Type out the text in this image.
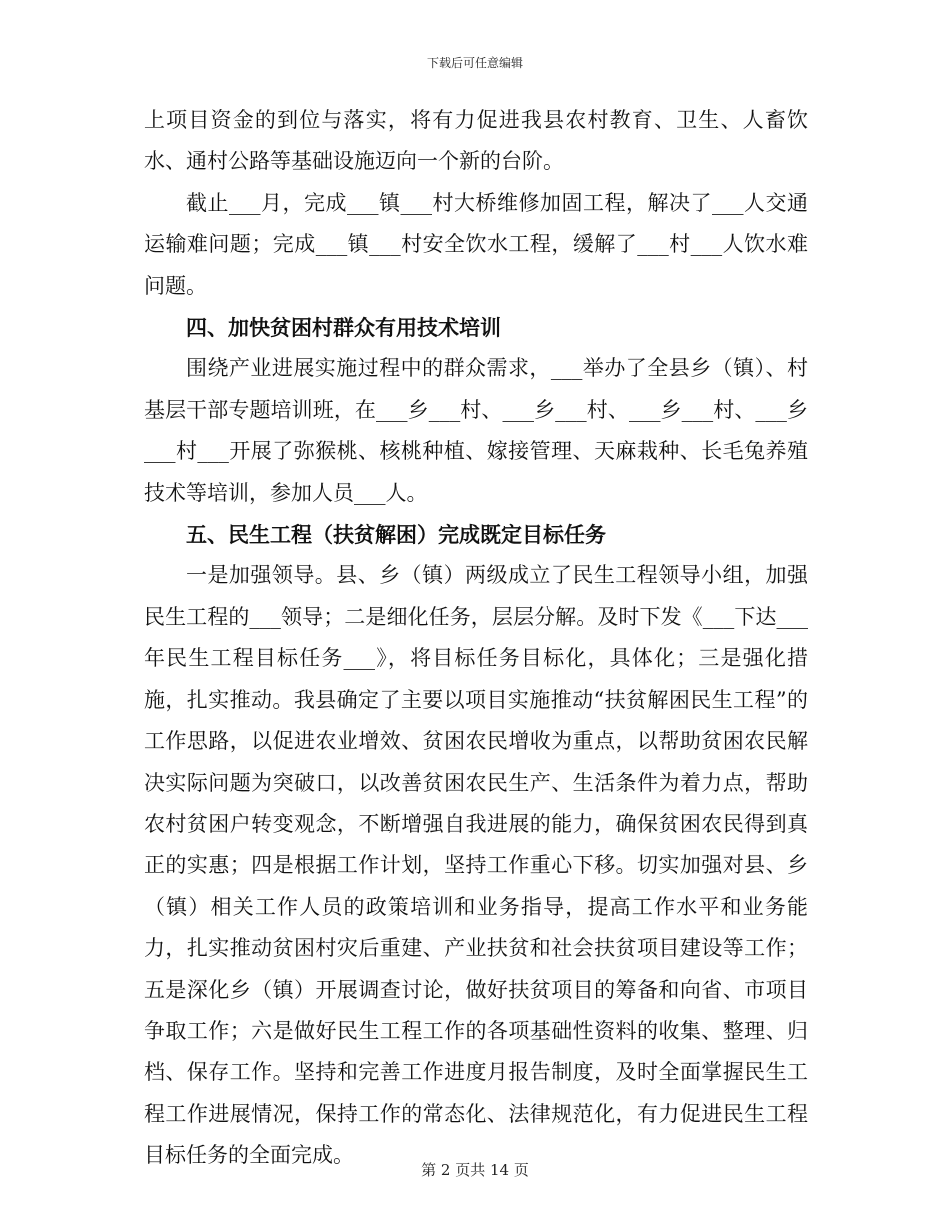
下载后可任意编辑

上项目资金的到位与落实，将有力促进我县农村教育、卫生、人畜饮水、通村公路等基础设施迈向一个新的台阶。

截止___月，完成___镇___村大桥维修加固工程，解决了___人交通运输难问题；完成___镇___村安全饮水工程，缓解了___村___人饮水难问题。

四、加快贫困村群众有用技术培训

围绕产业进展实施过程中的群众需求，___举办了全县乡（镇）、村基层干部专题培训班，在___乡___村、___乡___村、___乡___村、___乡___村___开展了弥猴桃、核桃种植、嫁接管理、天麻栽种、长毛兔养殖技术等培训，参加人员___人。

五、民生工程（扶贫解困）完成既定目标任务

一是加强领导。县、乡（镇）两级成立了民生工程领导小组，加强民生工程的___领导；二是细化任务，层层分解。及时下发《___下达___年民生工程目标任务___》，将目标任务目标化，具体化；三是强化措施，扎实推动。我县确定了主要以项目实施推动“扶贫解困民生工程”的工作思路，以促进农业增效、贫困农民增收为重点，以帮助贫困农民解决实际问题为突破口，以改善贫困农民生产、生活条件为着力点，帮助农村贫困户转变观念，不断增强自我进展的能力，确保贫困农民得到真正的实惠；四是根据工作计划，坚持工作重心下移。切实加强对县、乡（镇）相关工作人员的政策培训和业务指导，提高工作水平和业务能力，扎实推动贫困村灾后重建、产业扶贫和社会扶贫项目建设等工作；五是深化乡（镇）开展调查讨论，做好扶贫项目的筹备和向省、市项目争取工作；六是做好民生工程工作的各项基础性资料的收集、整理、归档、保存工作。坚持和完善工作进度月报告制度，及时全面掌握民生工程工作进展情况，保持工作的常态化、法律规范化，有力促进民生工程目标任务的全面完成。

第 2 页共 14 页
